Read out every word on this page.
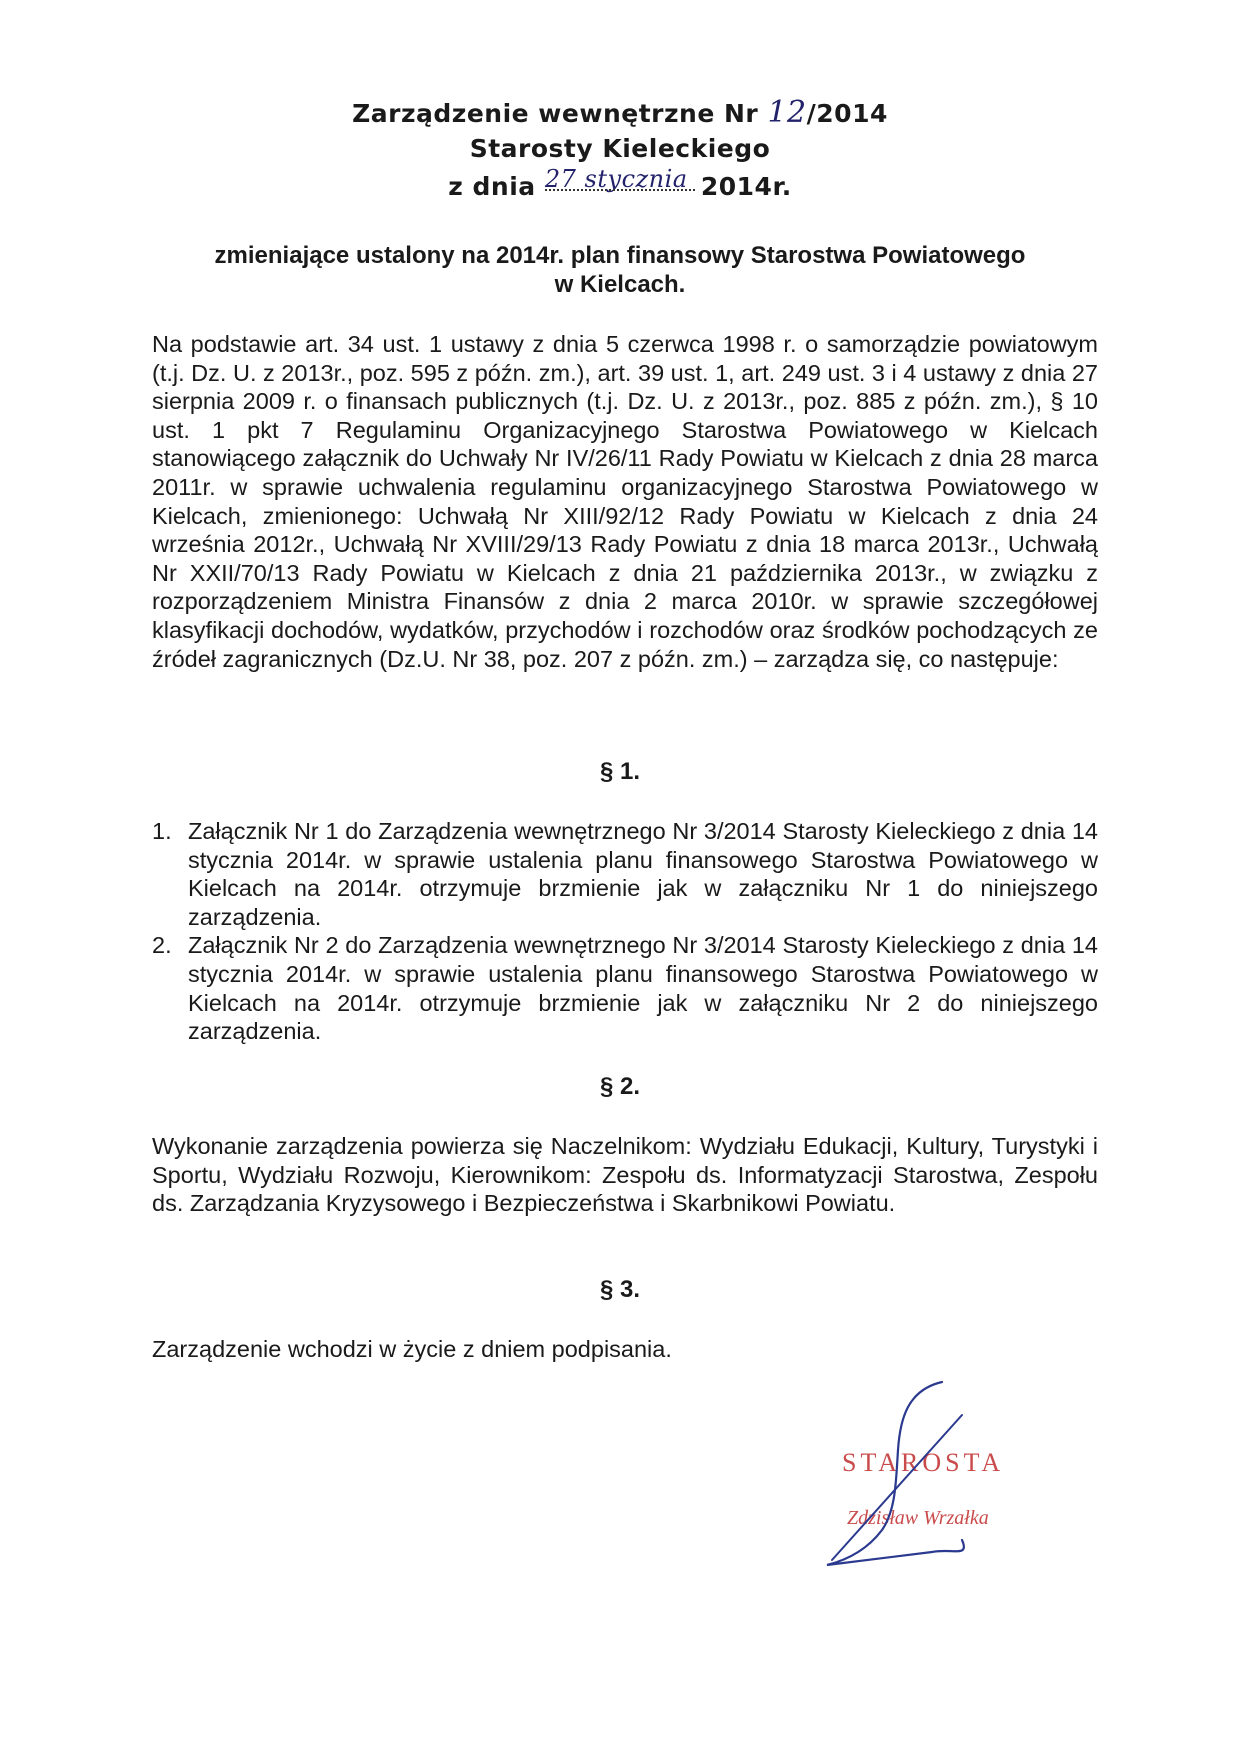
Zarządzenie wewnętrzne Nr 12/2014
Starosty Kieleckiego
z dnia 27 stycznia 2014r.
zmieniające ustalony na 2014r. plan finansowy Starostwa Powiatowego
w Kielcach.
Na podstawie art. 34 ust. 1 ustawy z dnia 5 czerwca 1998 r. o samorządzie powiatowym (t.j. Dz. U. z 2013r., poz. 595 z późn. zm.), art. 39 ust. 1, art. 249 ust. 3 i 4 ustawy z dnia 27 sierpnia 2009 r. o finansach publicznych (t.j. Dz. U. z 2013r., poz. 885 z późn. zm.), § 10 ust. 1 pkt 7 Regulaminu Organizacyjnego Starostwa Powiatowego w Kielcach stanowiącego załącznik do Uchwały Nr IV/26/11 Rady Powiatu w Kielcach z dnia 28 marca 2011r. w sprawie uchwalenia regulaminu organizacyjnego Starostwa Powiatowego w Kielcach, zmienionego: Uchwałą Nr XIII/92/12 Rady Powiatu w Kielcach z dnia 24 września 2012r., Uchwałą Nr XVIII/29/13 Rady Powiatu z dnia 18 marca 2013r., Uchwałą Nr XXII/70/13 Rady Powiatu w Kielcach z dnia 21 października 2013r., w związku z rozporządzeniem Ministra Finansów z dnia 2 marca 2010r. w sprawie szczegółowej klasyfikacji dochodów, wydatków, przychodów i rozchodów oraz środków pochodzących ze źródeł zagranicznych (Dz.U. Nr 38, poz. 207 z późn. zm.) – zarządza się, co następuje:
§ 1.
1. Załącznik Nr 1 do Zarządzenia wewnętrznego Nr 3/2014 Starosty Kieleckiego z dnia 14 stycznia 2014r. w sprawie ustalenia planu finansowego Starostwa Powiatowego w Kielcach na 2014r. otrzymuje brzmienie jak w załączniku Nr 1 do niniejszego zarządzenia.
2. Załącznik Nr 2 do Zarządzenia wewnętrznego Nr 3/2014 Starosty Kieleckiego z dnia 14 stycznia 2014r. w sprawie ustalenia planu finansowego Starostwa Powiatowego w Kielcach na 2014r. otrzymuje brzmienie jak w załączniku Nr 2 do niniejszego zarządzenia.
§ 2.
Wykonanie zarządzenia powierza się Naczelnikom: Wydziału Edukacji, Kultury, Turystyki i Sportu, Wydziału Rozwoju, Kierownikom: Zespołu ds. Informatyzacji Starostwa, Zespołu ds. Zarządzania Kryzysowego i Bezpieczeństwa i Skarbnikowi Powiatu.
§ 3.
Zarządzenie wchodzi w życie z dniem podpisania.
STAROSTA
Zdzisław Wrzałka
